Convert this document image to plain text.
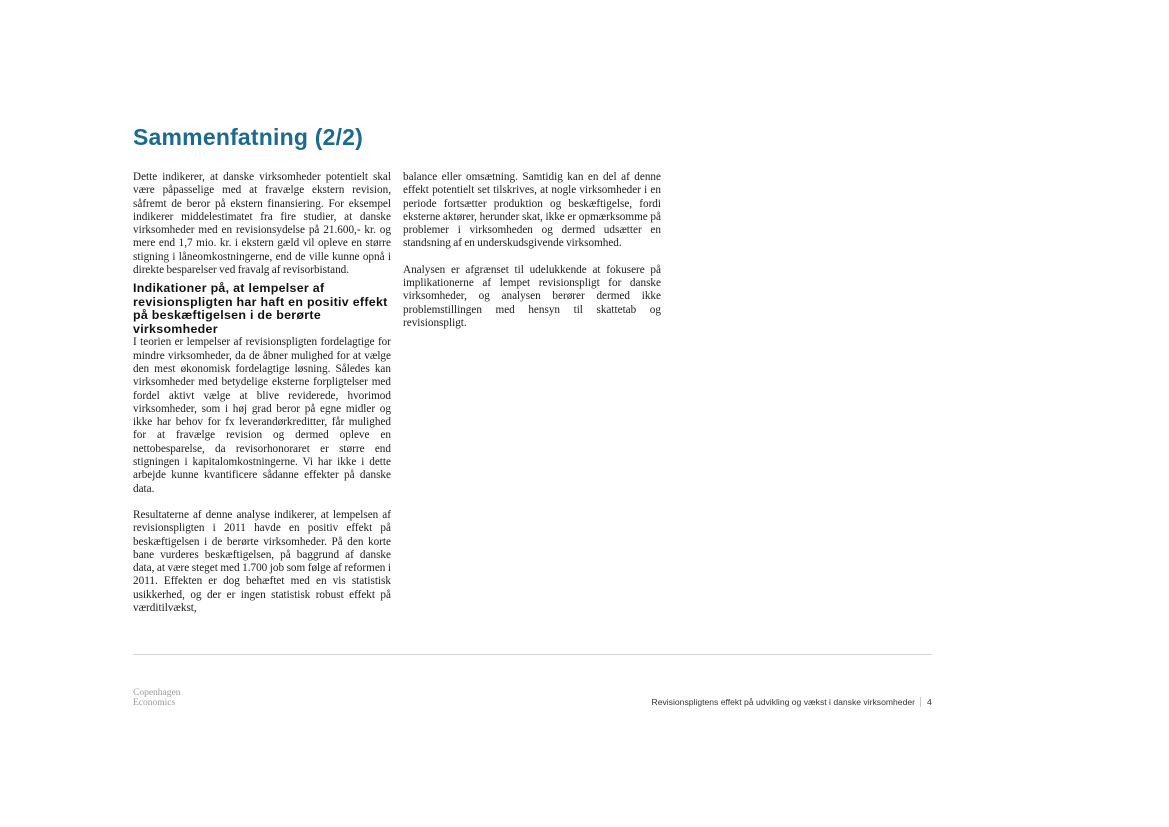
Sammenfatning (2/2)

Dette indikerer, at danske virksomheder potentielt skal være påpasselige med at fravælge ekstern revision, såfremt de beror på ekstern finansiering. For eksempel indikerer middelestimatet fra fire studier, at danske virksomheder med en revisionsydelse på 21.600,- kr. og mere end 1,7 mio. kr. i ekstern gæld vil opleve en større stigning i låneomkostningerne, end de ville kunne opnå i direkte besparelser ved fravalg af revisorbistand.

Indikationer på, at lempelser af revisionspligten har haft en positiv effekt på beskæftigelsen i de berørte virksomheder

I teorien er lempelser af revisionspligten fordelagtige for mindre virksomheder, da de åbner mulighed for at vælge den mest økonomisk fordelagtige løsning. Således kan virksomheder med betydelige eksterne forpligtelser med fordel aktivt vælge at blive reviderede, hvorimod virksomheder, som i høj grad beror på egne midler og ikke har behov for fx leverandørkreditter, får mulighed for at fravælge revision og dermed opleve en nettobesparelse, da revisorhonoraret er større end stigningen i kapitalomkostningerne. Vi har ikke i dette arbejde kunne kvantificere sådanne effekter på danske data.

Resultaterne af denne analyse indikerer, at lempelsen af revisionspligten i 2011 havde en positiv effekt på beskæftigelsen i de berørte virksomheder. På den korte bane vurderes beskæftigelsen, på baggrund af danske data, at være steget med 1.700 job som følge af reformen i 2011. Effekten er dog behæftet med en vis statistisk usikkerhed, og der er ingen statistisk robust effekt på værditilvækst,

balance eller omsætning. Samtidig kan en del af denne effekt potentielt set tilskrives, at nogle virksomheder i en periode fortsætter produktion og beskæftigelse, fordi eksterne aktører, herunder skat, ikke er opmærksomme på problemer i virksomheden og dermed udsætter en standsning af en underskudsgivende virksomhed.

Analysen er afgrænset til udelukkende at fokusere på implikationerne af lempet revisionspligt for danske virksomheder, og analysen berører dermed ikke problemstillingen med hensyn til skattetab og revisionspligt.

Copenhagen
Economics	Revisionspligtens effekt på udvikling og vækst i danske virksomheder 4
